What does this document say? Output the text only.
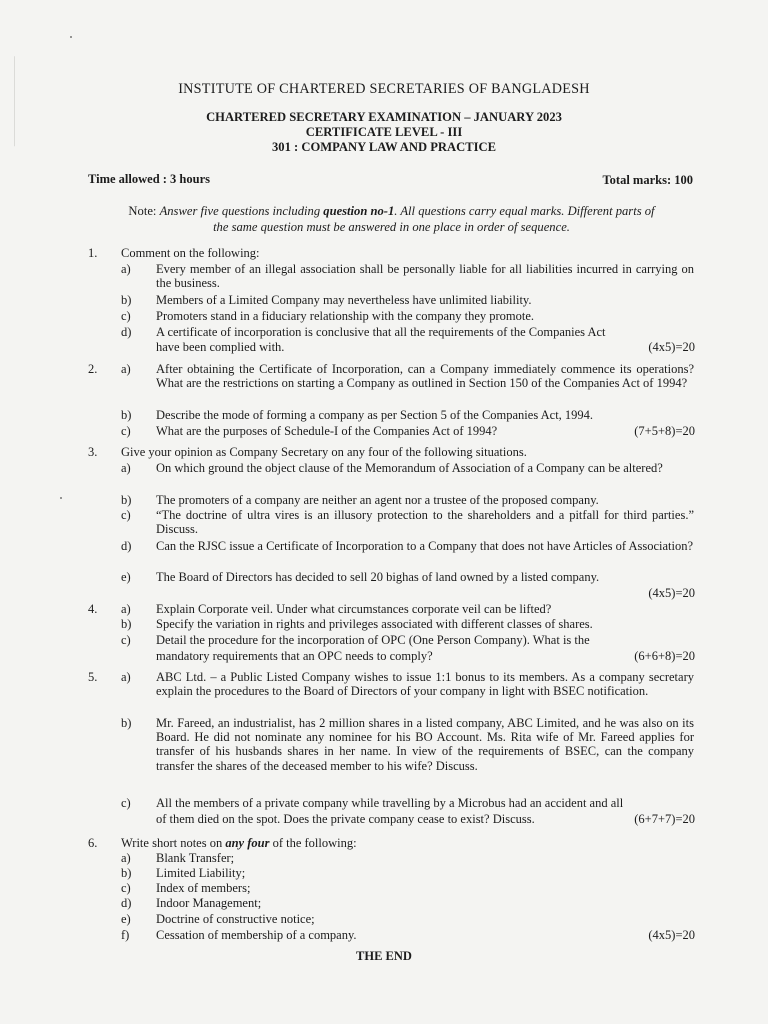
INSTITUTE OF CHARTERED SECRETARIES OF BANGLADESH
CHARTERED SECRETARY EXAMINATION – JANUARY 2023
CERTIFICATE LEVEL - III
301 : COMPANY LAW AND PRACTICE
Time allowed : 3 hours	Total marks: 100
Note: Answer five questions including question no-1. All questions carry equal marks. Different parts of
the same question must be answered in one place in order of sequence.
1. Comment on the following:
a) Every member of an illegal association shall be personally liable for all liabilities incurred in carrying on the business.
b) Members of a Limited Company may nevertheless have unlimited liability.
c) Promoters stand in a fiduciary relationship with the company they promote.
d) A certificate of incorporation is conclusive that all the requirements of the Companies Act
have been complied with.	(4x5)=20
2. a) After obtaining the Certificate of Incorporation, can a Company immediately commence its operations? What are the restrictions on starting a Company as outlined in Section 150 of the Companies Act of 1994?
b) Describe the mode of forming a company as per Section 5 of the Companies Act, 1994.
c) What are the purposes of Schedule-I of the Companies Act of 1994?	(7+5+8)=20
3. Give your opinion as Company Secretary on any four of the following situations.
a) On which ground the object clause of the Memorandum of Association of a Company can be altered?
b) The promoters of a company are neither an agent nor a trustee of the proposed company.
c) “The doctrine of ultra vires is an illusory protection to the shareholders and a pitfall for third parties.” Discuss.
d) Can the RJSC issue a Certificate of Incorporation to a Company that does not have Articles of Association?
e) The Board of Directors has decided to sell 20 bighas of land owned by a listed company.
(4x5)=20
4. a) Explain Corporate veil. Under what circumstances corporate veil can be lifted?
b) Specify the variation in rights and privileges associated with different classes of shares.
c) Detail the procedure for the incorporation of OPC (One Person Company). What is the
mandatory requirements that an OPC needs to comply?	(6+6+8)=20
5. a) ABC Ltd. – a Public Listed Company wishes to issue 1:1 bonus to its members. As a company secretary explain the procedures to the Board of Directors of your company in light with BSEC notification.
b) Mr. Fareed, an industrialist, has 2 million shares in a listed company, ABC Limited, and he was also on its Board. He did not nominate any nominee for his BO Account. Ms. Rita wife of Mr. Fareed applies for transfer of his husbands shares in her name. In view of the requirements of BSEC, can the company transfer the shares of the deceased member to his wife? Discuss.
c) All the members of a private company while travelling by a Microbus had an accident and all
of them died on the spot. Does the private company cease to exist? Discuss.	(6+7+7)=20
6. Write short notes on any four of the following:
a) Blank Transfer;
b) Limited Liability;
c) Index of members;
d) Indoor Management;
e) Doctrine of constructive notice;
f) Cessation of membership of a company.	(4x5)=20
THE END
